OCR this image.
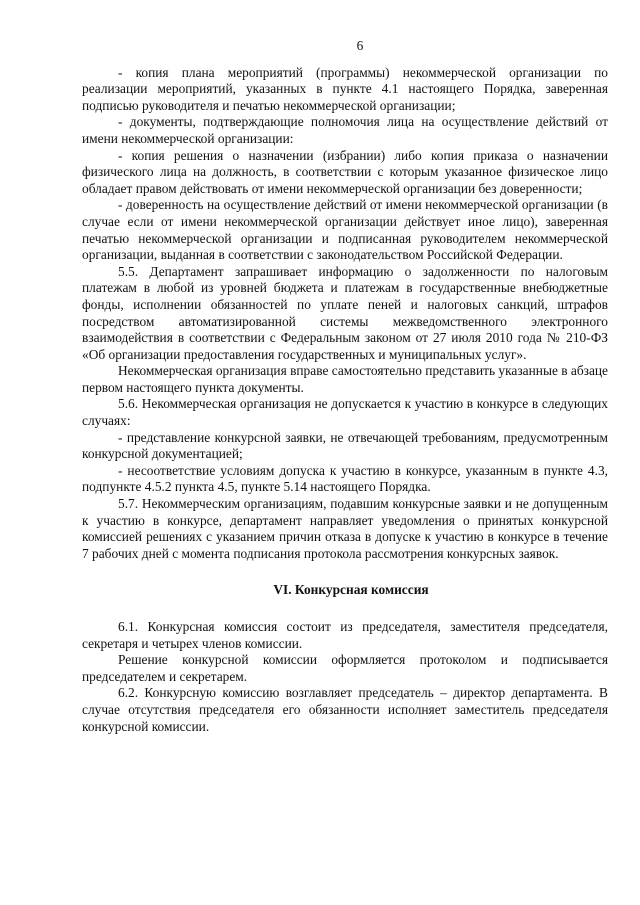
6

- копия плана мероприятий (программы) некоммерческой организации по реализации мероприятий, указанных в пункте 4.1 настоящего Порядка, заверенная подписью руководителя и печатью некоммерческой организации;

- документы, подтверждающие полномочия лица на осуществление действий от имени некоммерческой организации:

- копия решения о назначении (избрании) либо копия приказа о назначении физического лица на должность, в соответствии с которым указанное физическое лицо обладает правом действовать от имени некоммерческой организации без доверенности;

- доверенность на осуществление действий от имени некоммерческой организации (в случае если от имени некоммерческой организации действует иное лицо), заверенная печатью некоммерческой организации и подписанная руководителем некоммерческой организации, выданная в соответствии с законодательством Российской Федерации.

5.5. Департамент запрашивает информацию о задолженности по налоговым платежам в любой из уровней бюджета и платежам в государственные внебюджетные фонды, исполнении обязанностей по уплате пеней и налоговых санкций, штрафов посредством автоматизированной системы межведомственного электронного взаимодействия в соответствии с Федеральным законом от 27 июля 2010 года № 210-ФЗ «Об организации предоставления государственных и муниципальных услуг».

Некоммерческая организация вправе самостоятельно представить указанные в абзаце первом настоящего пункта документы.

5.6. Некоммерческая организация не допускается к участию в конкурсе в следующих случаях:

- представление конкурсной заявки, не отвечающей требованиям, предусмотренным конкурсной документацией;

- несоответствие условиям допуска к участию в конкурсе, указанным в пункте 4.3, подпункте 4.5.2 пункта 4.5, пункте 5.14 настоящего Порядка.

5.7. Некоммерческим организациям, подавшим конкурсные заявки и не допущенным к участию в конкурсе, департамент направляет уведомления о принятых конкурсной комиссией решениях с указанием причин отказа в допуске к участию в конкурсе в течение 7 рабочих дней с момента подписания протокола рассмотрения конкурсных заявок.

VI. Конкурсная комиссия

6.1. Конкурсная комиссия состоит из председателя, заместителя председателя, секретаря и четырех членов комиссии.

Решение конкурсной комиссии оформляется протоколом и подписывается председателем и секретарем.

6.2. Конкурсную комиссию возглавляет председатель – директор департамента. В случае отсутствия председателя его обязанности исполняет заместитель председателя конкурсной комиссии.
